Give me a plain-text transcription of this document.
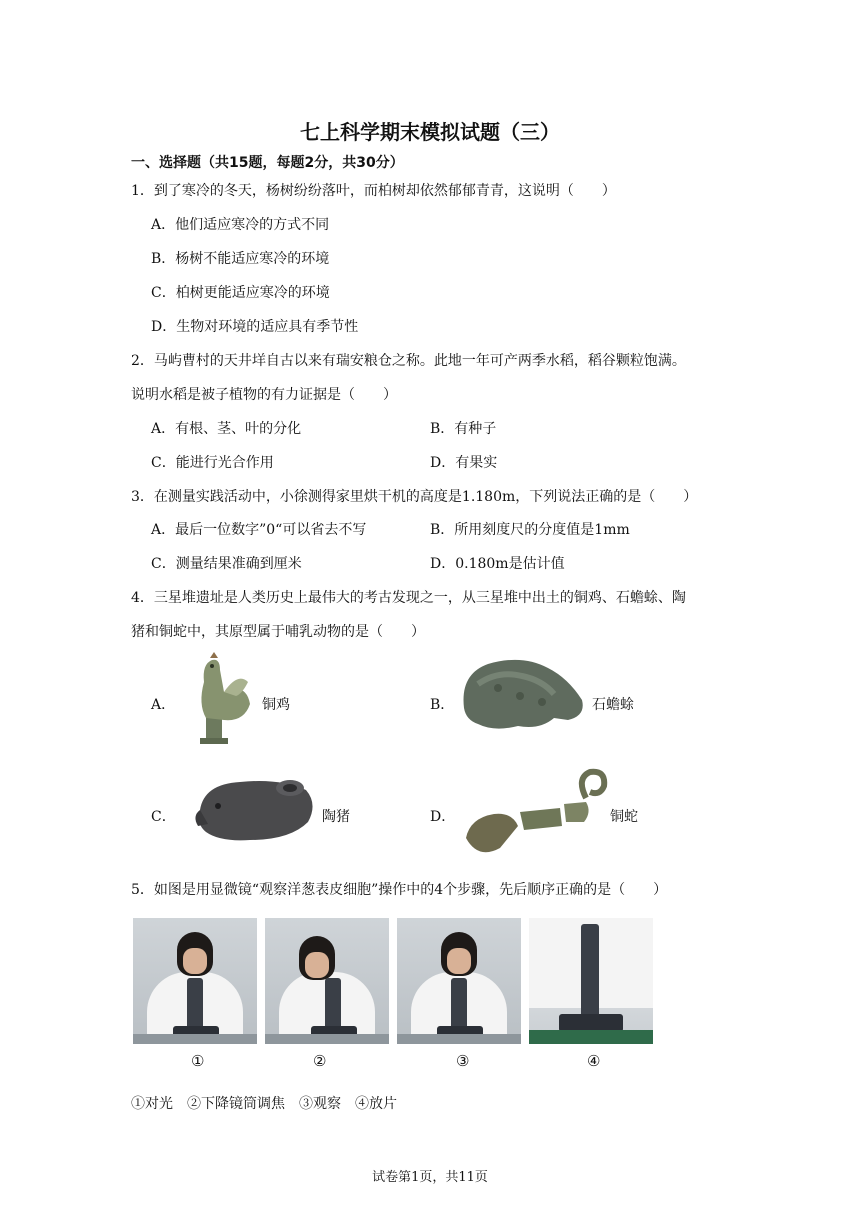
七上科学期末模拟试题（三）
一、选择题（共15题，每题2分，共30分）
1．到了寒冷的冬天，杨树纷纷落叶，而柏树却依然郁郁青青，这说明（　　）
A．他们适应寒冷的方式不同
B．杨树不能适应寒冷的环境
C．柏树更能适应寒冷的环境
D．生物对环境的适应具有季节性
2．马屿曹村的天井垟自古以来有瑞安粮仓之称。此地一年可产两季水稻，稻谷颗粒饱满。
说明水稻是被子植物的有力证据是（　　）
A．有根、茎、叶的分化	B．有种子
C．能进行光合作用	D．有果实
3．在测量实践活动中，小徐测得家里烘干机的高度是1.180m，下列说法正确的是（　　）
A．最后一位数字”0“可以省去不写	B．所用刻度尺的分度值是1mm
C．测量结果准确到厘米	D．0.180m是估计值
4．三星堆遗址是人类历史上最伟大的考古发现之一，从三星堆中出土的铜鸡、石蟾蜍、陶
猪和铜蛇中，其原型属于哺乳动物的是（　　）
A．	铜鸡	B．	石蟾蜍
C．	陶猪	D．	铜蛇
5．如图是用显微镜“观察洋葱表皮细胞”操作中的4个步骤，先后顺序正确的是（　　）
①	②	③	④
①对光　②下降镜筒调焦　③观察　④放片
试卷第1页，共11页
